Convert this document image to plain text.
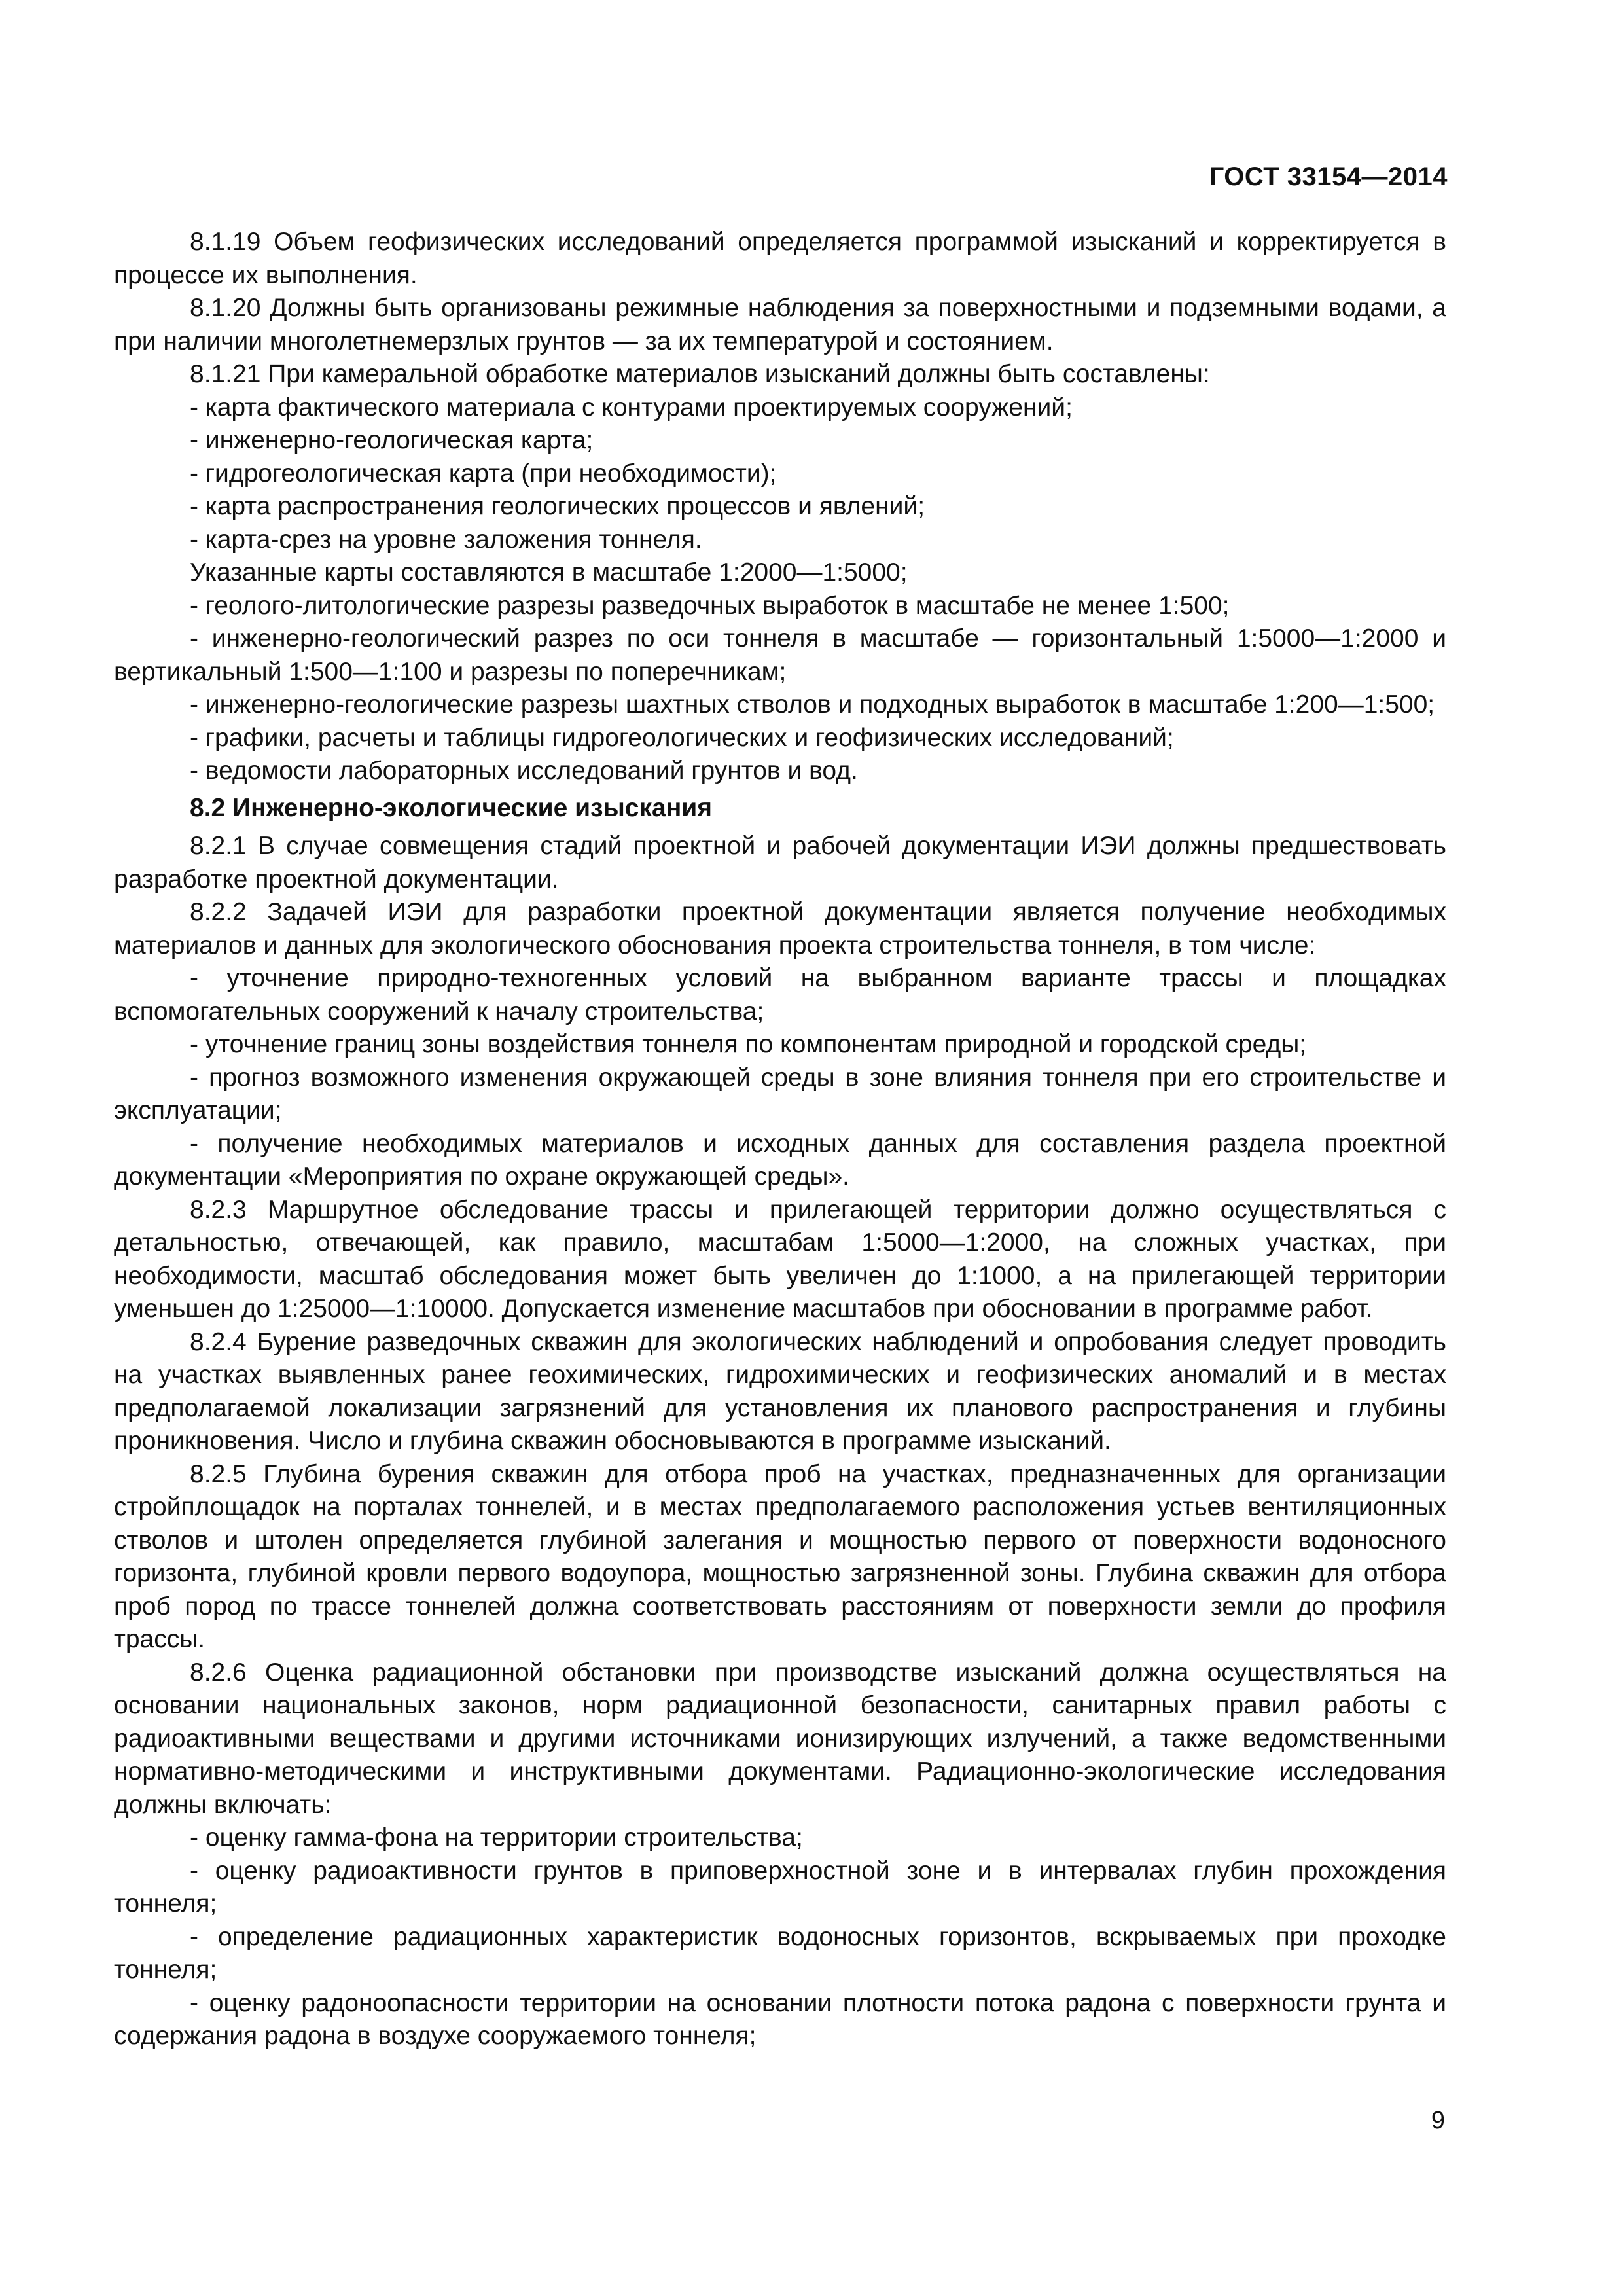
ГОСТ 33154—2014

8.1.19 Объем геофизических исследований определяется программой изысканий и корректируется в процессе их выполнения.

8.1.20 Должны быть организованы режимные наблюдения за поверхностными и подземными водами, а при наличии многолетнемерзлых грунтов — за их температурой и состоянием.

8.1.21 При камеральной обработке материалов изысканий должны быть составлены:

- карта фактического материала с контурами проектируемых сооружений;

- инженерно-геологическая карта;

- гидрогеологическая карта (при необходимости);

- карта распространения геологических процессов и явлений;

- карта-срез на уровне заложения тоннеля.

Указанные карты составляются в масштабе 1:2000—1:5000;

- геолого-литологические разрезы разведочных выработок в масштабе не менее 1:500;

- инженерно-геологический разрез по оси тоннеля в масштабе — горизонтальный 1:5000—1:2000 и вертикальный 1:500—1:100 и разрезы по поперечникам;

- инженерно-геологические разрезы шахтных стволов и подходных выработок в масштабе 1:200—1:500;

- графики, расчеты и таблицы гидрогеологических и геофизических исследований;

- ведомости лабораторных исследований грунтов и вод.

8.2 Инженерно-экологические изыскания

8.2.1 В случае совмещения стадий проектной и рабочей документации ИЭИ должны предшествовать разработке проектной документации.

8.2.2 Задачей ИЭИ для разработки проектной документации является получение необходимых материалов и данных для экологического обоснования проекта строительства тоннеля, в том числе:

- уточнение природно-техногенных условий на выбранном варианте трассы и площадках вспомогательных сооружений к началу строительства;

- уточнение границ зоны воздействия тоннеля по компонентам природной и городской среды;

- прогноз возможного изменения окружающей среды в зоне влияния тоннеля при его строительстве и эксплуатации;

- получение необходимых материалов и исходных данных для составления раздела проектной документации «Мероприятия по охране окружающей среды».

8.2.3 Маршрутное обследование трассы и прилегающей территории должно осуществляться с детальностью, отвечающей, как правило, масштабам 1:5000—1:2000, на сложных участках, при необходимости, масштаб обследования может быть увеличен до 1:1000, а на прилегающей территории уменьшен до 1:25000—1:10000. Допускается изменение масштабов при обосновании в программе работ.

8.2.4 Бурение разведочных скважин для экологических наблюдений и опробования следует проводить на участках выявленных ранее геохимических, гидрохимических и геофизических аномалий и в местах предполагаемой локализации загрязнений для установления их планового распространения и глубины проникновения. Число и глубина скважин обосновываются в программе изысканий.

8.2.5 Глубина бурения скважин для отбора проб на участках, предназначенных для организации стройплощадок на порталах тоннелей, и в местах предполагаемого расположения устьев вентиляционных стволов и штолен определяется глубиной залегания и мощностью первого от поверхности водоносного горизонта, глубиной кровли первого водоупора, мощностью загрязненной зоны. Глубина скважин для отбора проб пород по трассе тоннелей должна соответствовать расстояниям от поверхности земли до профиля трассы.

8.2.6 Оценка радиационной обстановки при производстве изысканий должна осуществляться на основании национальных законов, норм радиационной безопасности, санитарных правил работы с радиоактивными веществами и другими источниками ионизирующих излучений, а также ведомственными нормативно-методическими и инструктивными документами. Радиационно-экологические исследования должны включать:

- оценку гамма-фона на территории строительства;

- оценку радиоактивности грунтов в приповерхностной зоне и в интервалах глубин прохождения тоннеля;

- определение радиационных характеристик водоносных горизонтов, вскрываемых при проходке тоннеля;

- оценку радоноопасности территории на основании плотности потока радона с поверхности грунта и содержания радона в воздухе сооружаемого тоннеля;

9
